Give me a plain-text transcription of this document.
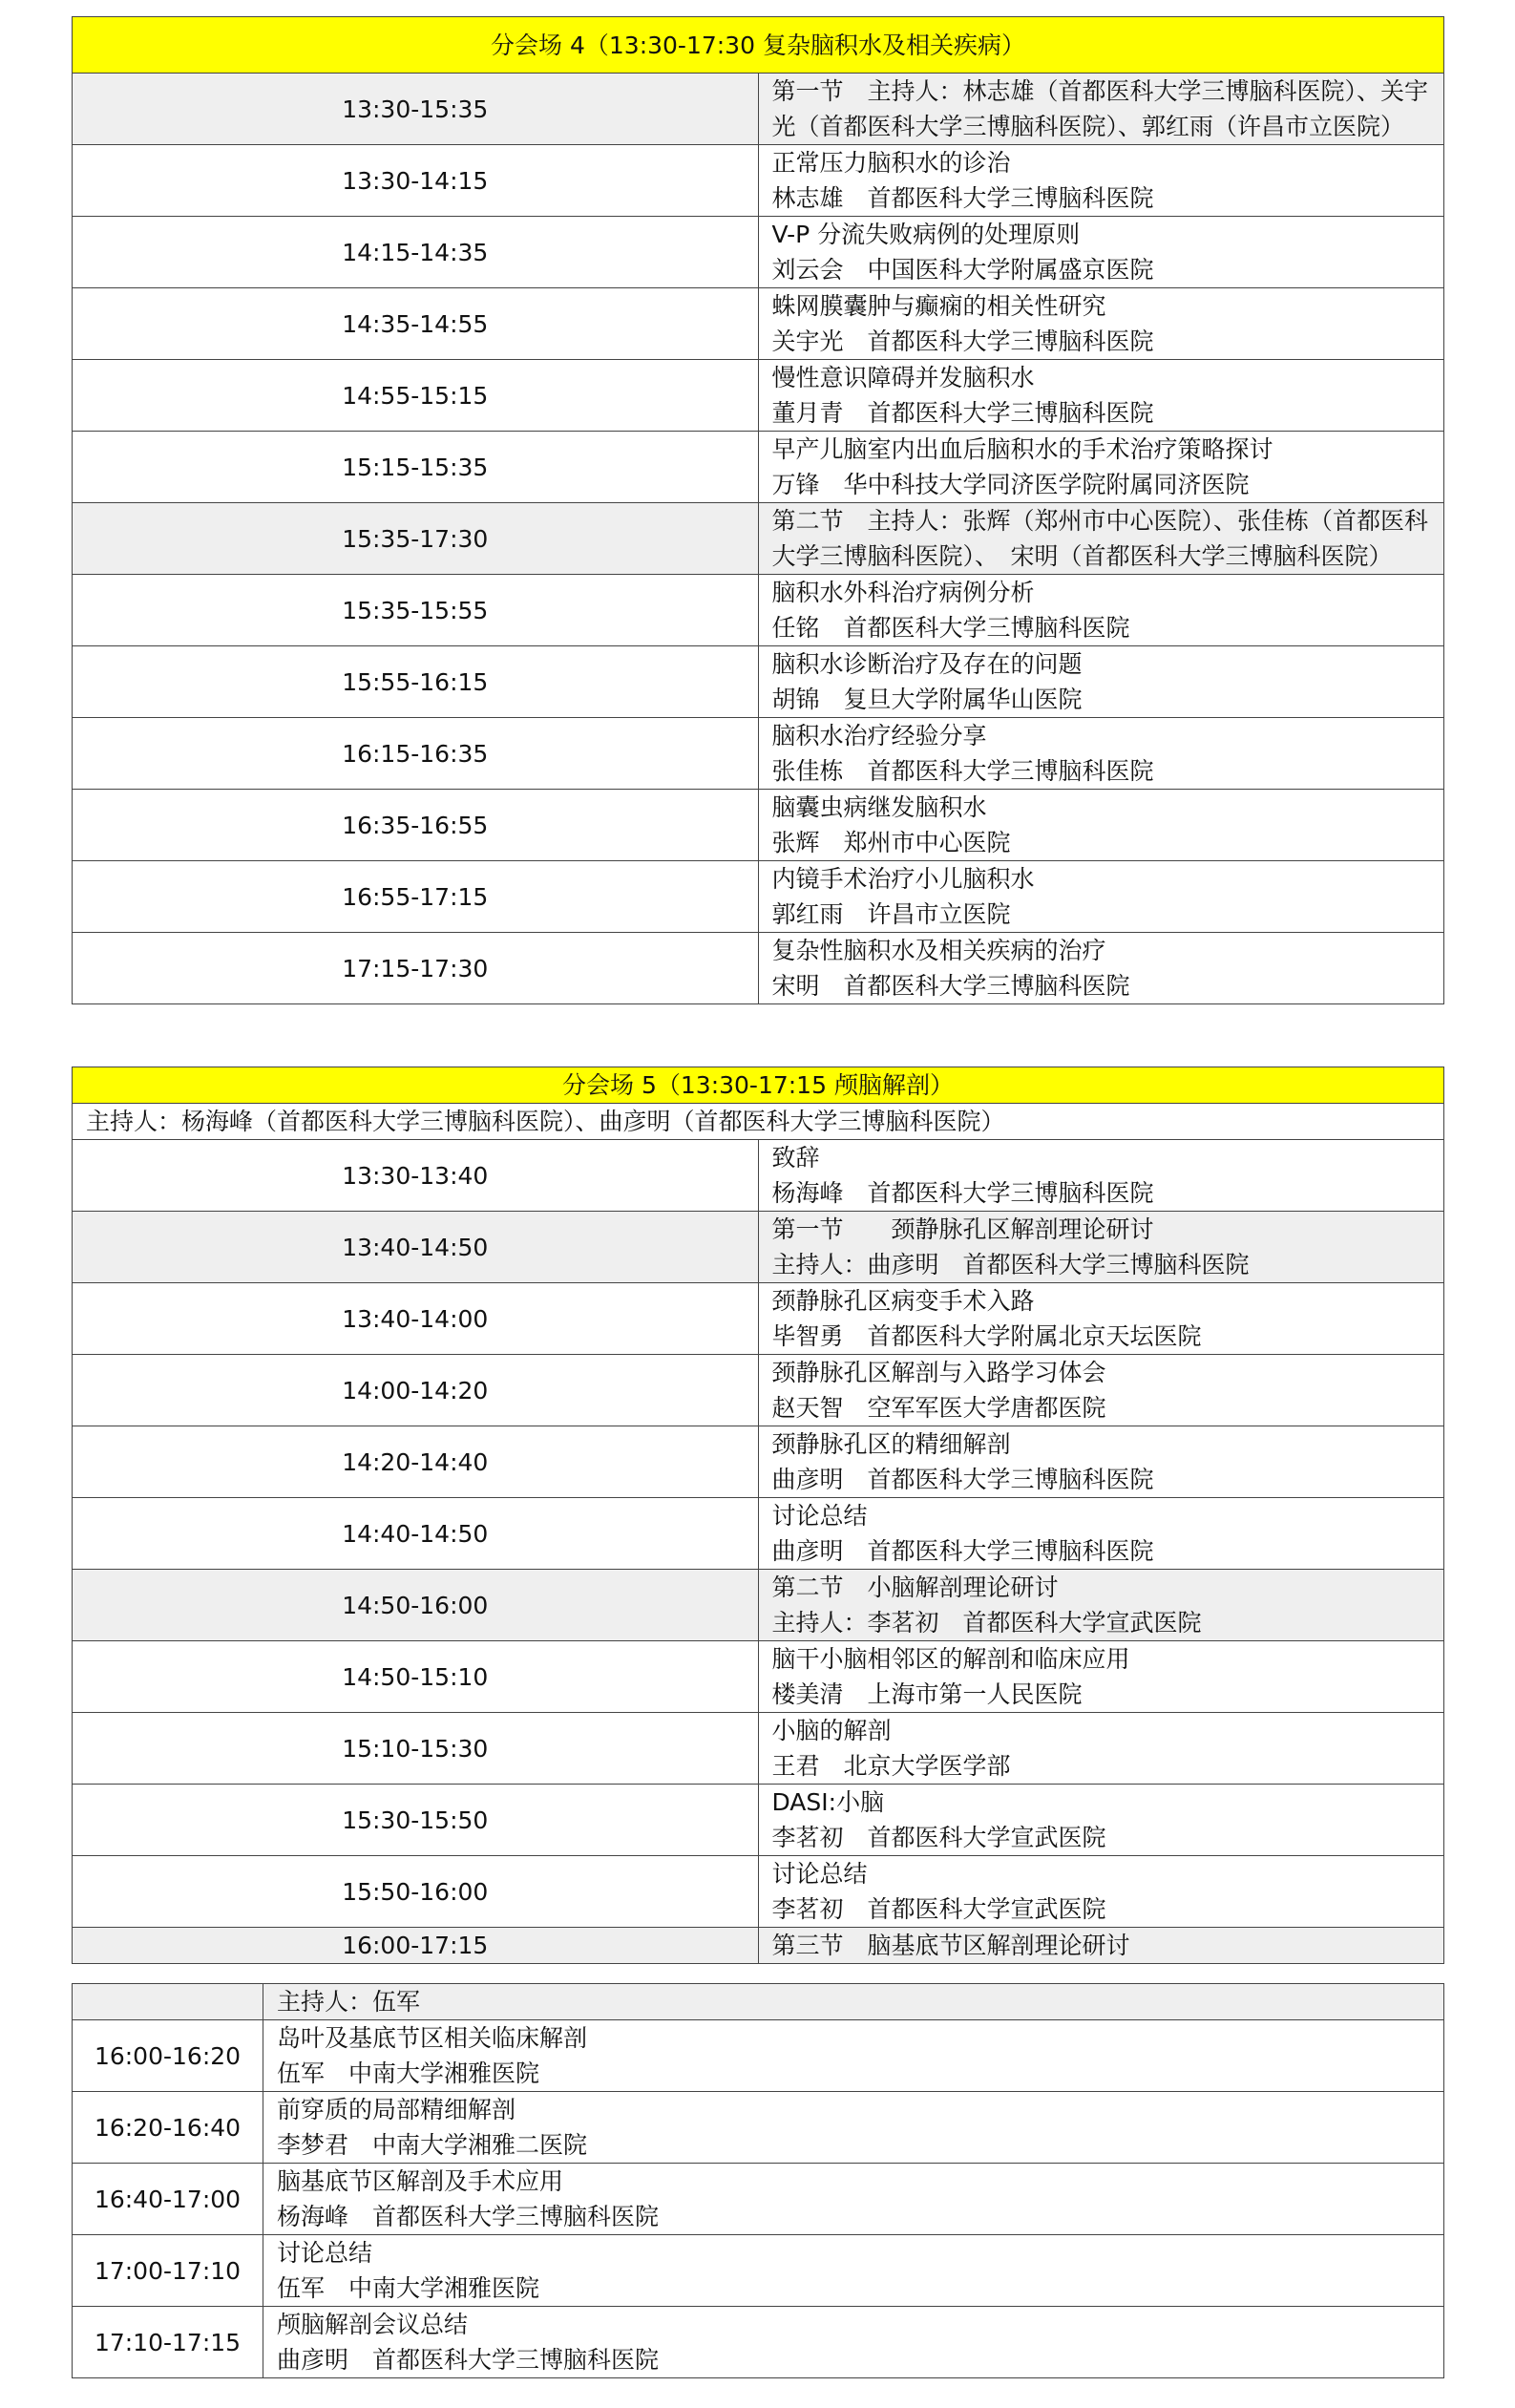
分会场 4（13:30-17:30 复杂脑积水及相关疾病）	
13:30-15:35	第一节　主持人：林志雄（首都医科大学三博脑科医院）、关宇光（首都医科大学三博脑科医院）、郭红雨（许昌市立医院）

13:30-14:15	正常压力脑积水的诊治
林志雄　首都医科大学三博脑科医院

14:15-14:35	V-P 分流失败病例的处理原则
刘云会　中国医科大学附属盛京医院

14:35-14:55	蛛网膜囊肿与癫痫的相关性研究
关宇光　首都医科大学三博脑科医院

14:55-15:15	慢性意识障碍并发脑积水
董月青　首都医科大学三博脑科医院

15:15-15:35	早产儿脑室内出血后脑积水的手术治疗策略探讨
万锋　华中科技大学同济医学院附属同济医院

15:35-17:30	第二节　主持人：张辉（郑州市中心医院）、张佳栋（首都医科大学三博脑科医院）、　宋明（首都医科大学三博脑科医院）

15:35-15:55	脑积水外科治疗病例分析
任铭　首都医科大学三博脑科医院

15:55-16:15	脑积水诊断治疗及存在的问题
胡锦　复旦大学附属华山医院

16:15-16:35	脑积水治疗经验分享
张佳栋　首都医科大学三博脑科医院

16:35-16:55	脑囊虫病继发脑积水
张辉　郑州市中心医院

16:55-17:15	内镜手术治疗小儿脑积水
郭红雨　许昌市立医院

17:15-17:30	复杂性脑积水及相关疾病的治疗
宋明　首都医科大学三博脑科医院
分会场 5（13:30-17:15 颅脑解剖）	
主持人：杨海峰（首都医科大学三博脑科医院）、曲彦明（首都医科大学三博脑科医院）	
13:30-13:40	致辞
杨海峰　首都医科大学三博脑科医院

13:40-14:50	第一节　　颈静脉孔区解剖理论研讨
主持人：曲彦明　首都医科大学三博脑科医院

13:40-14:00	颈静脉孔区病变手术入路
毕智勇　首都医科大学附属北京天坛医院

14:00-14:20	颈静脉孔区解剖与入路学习体会
赵天智　空军军医大学唐都医院

14:20-14:40	颈静脉孔区的精细解剖
曲彦明　首都医科大学三博脑科医院

14:40-14:50	讨论总结
曲彦明　首都医科大学三博脑科医院

14:50-16:00	第二节　小脑解剖理论研讨
主持人：李茗初　首都医科大学宣武医院

14:50-15:10	脑干小脑相邻区的解剖和临床应用
楼美清　上海市第一人民医院

15:10-15:30	小脑的解剖
王君　北京大学医学部

15:30-15:50	DASI:小脑
李茗初　首都医科大学宣武医院

15:50-16:00	讨论总结
李茗初　首都医科大学宣武医院

16:00-17:15	第三节　脑基底节区解剖理论研讨

	主持人：伍军

16:00-16:20	岛叶及基底节区相关临床解剖
伍军　中南大学湘雅医院

16:20-16:40	前穿质的局部精细解剖
李梦君　中南大学湘雅二医院

16:40-17:00	脑基底节区解剖及手术应用
杨海峰　首都医科大学三博脑科医院

17:00-17:10	讨论总结
伍军　中南大学湘雅医院

17:10-17:15	颅脑解剖会议总结
曲彦明　首都医科大学三博脑科医院
